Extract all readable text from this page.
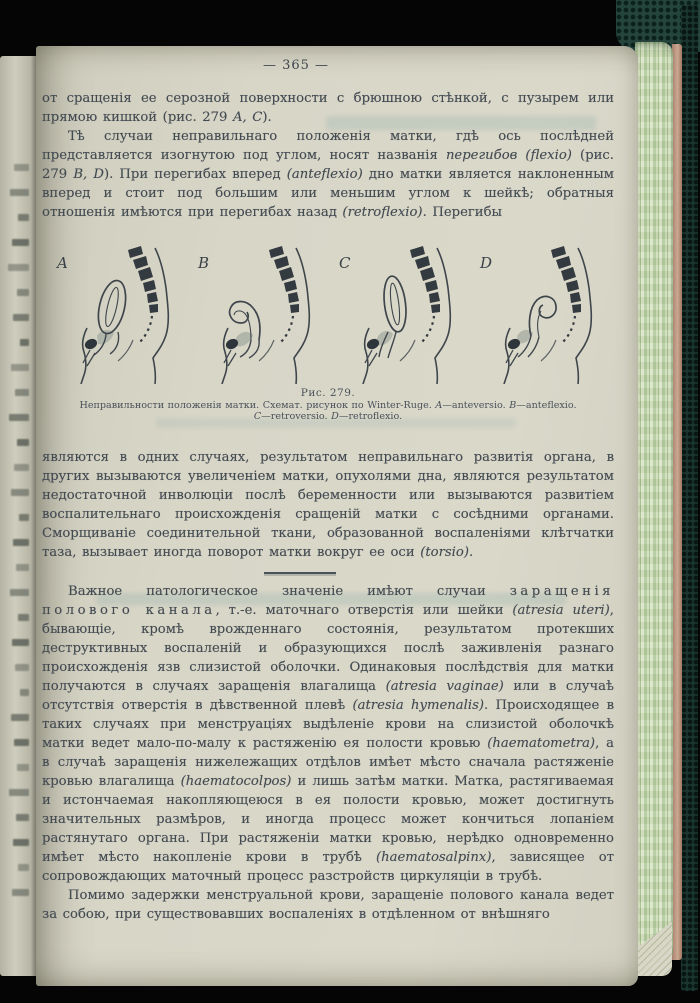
— 365 —

от сращенія ее серозной поверхности с брюшною стѣнкой, с пузырем или прямою кишкой (рис. 279 A, C).

Тѣ случаи неправильнаго положенія матки, гдѣ ось послѣдней представляется изогнутою под углом, носят названія перегибов (flexio) (рис. 279 B, D). При перегибах вперед (anteflexio) дно матки является наклоненным вперед и стоит под большим или меньшим углом к шейкѣ; обратныя отношенія имѣются при перегибах назад (retroflexio). Перегибы

A	B	C	D
Рис. 279.

Неправильности положенія матки. Схемат. рисунок по Winter-Ruge. A—anteversio. B—anteflexio.

C—retroversio. D—retroflexio.

являются в одних случаях, результатом неправильнаго развитія органа, в других вызываются увеличеніем матки, опухолями дна, являются результатом недостаточной инволюціи послѣ беременности или вызываются развитіем воспалительнаго происхожденія сращеній матки с сосѣдними органами. Сморщиваніе соединительной ткани, образованной воспаленіями клѣтчатки таза, вызывает иногда поворот матки вокруг ее оси (torsio).

Важное патологическое значеніе имѣют случаи заращенія полового канала, т.-е. маточнаго отверстія или шейки (atresia uteri), бывающіе, кромѣ врожденнаго состоянія, результатом протекших деструктивных воспаленій и образующихся послѣ заживленія разнаго происхожденія язв слизистой оболочки. Одинаковыя послѣдствія для матки получаются в случаях заращенія влагалища (atresia vaginae) или в случаѣ отсутствія отверстія в дѣвственной плевѣ (atresia hymenalis). Происходящее в таких случаях при менструаціях выдѣленіе крови на слизистой оболочкѣ матки ведет мало-по-малу к растяженію ея полости кровью (haematometra), а в случаѣ заращенія нижележащих отдѣлов имѣет мѣсто сначала растяженіе кровью влагалища (haematocolpos) и лишь затѣм матки. Матка, растягиваемая и истончаемая накопляющеюся в ея полости кровью, может достигнуть значительных размѣров, и иногда процесс может кончиться лопаніем растянутаго органа. При растяженіи матки кровью, нерѣдко одновременно имѣет мѣсто накопленіе крови в трубѣ (haematosalpinx), зависящее от сопровождающих маточный процесс разстройств циркуляціи в трубѣ.

Помимо задержки менструальной крови, заращеніе полового канала ведет за собою, при существовавших воспаленіях в отдѣленном от внѣшняго
